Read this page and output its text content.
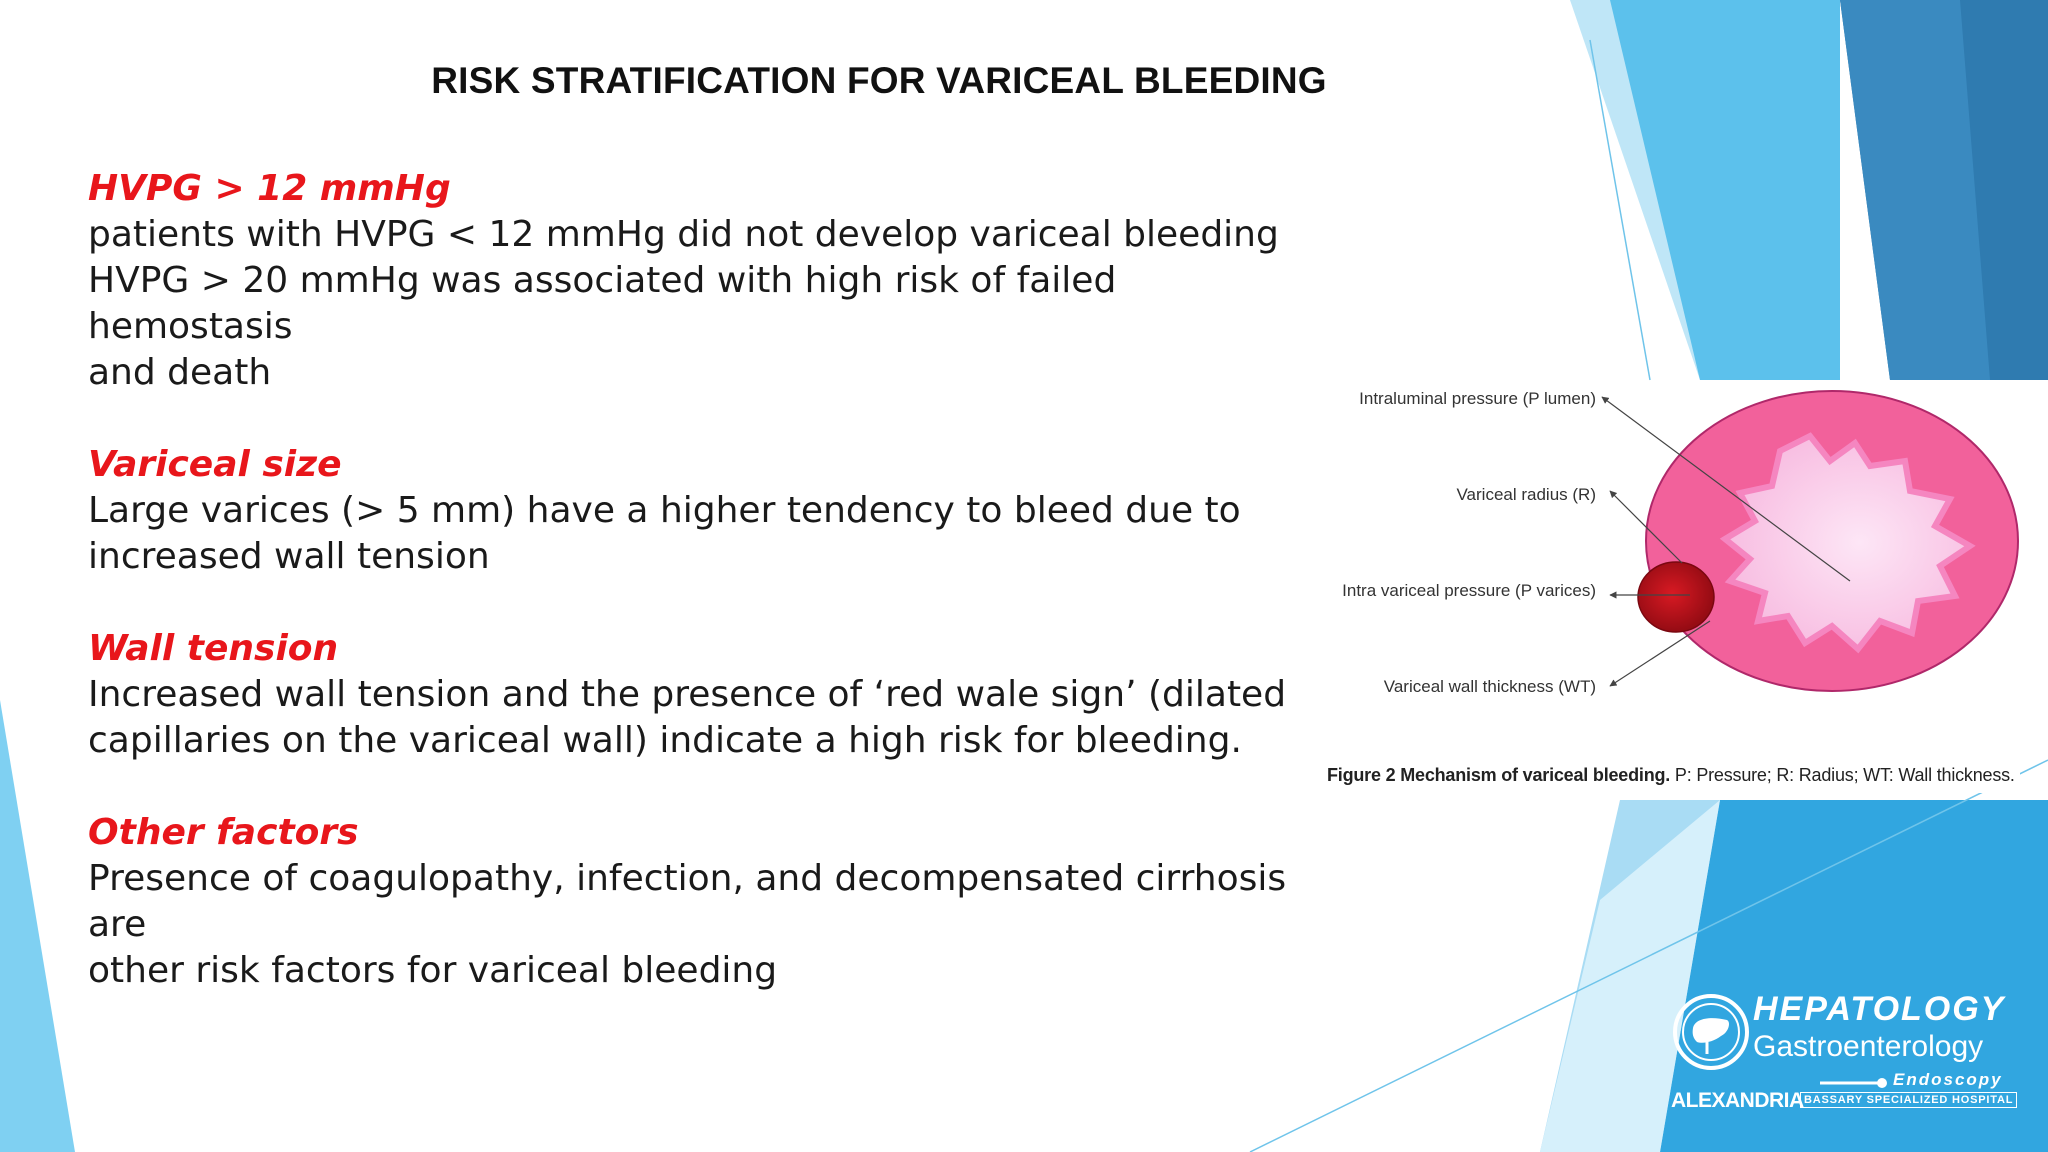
RISK STRATIFICATION FOR VARICEAL BLEEDING
HVPG > 12 mmHg
patients with HVPG < 12 mmHg did not develop variceal bleeding
HVPG > 20 mmHg was associated with high risk of failed hemostasis
and death
Variceal size
Large varices (> 5 mm) have a higher tendency to bleed due to
increased wall tension
Wall tension
Increased wall tension and the presence of ‘red wale sign’ (dilated
capillaries on the variceal wall) indicate a high risk for bleeding.
Other factors
Presence of coagulopathy, infection, and decompensated cirrhosis are
other risk factors for variceal bleeding
Intraluminal pressure (P lumen)
Variceal radius (R)
Intra variceal pressure (P varices)
Variceal wall thickness (WT)
Figure 2 Mechanism of variceal bleeding. P: Pressure; R: Radius; WT: Wall thickness.
HEPATOLOGY
Gastroenterology
Endoscopy
ALEXANDRIA BASSARY SPECIALIZED HOSPITAL
